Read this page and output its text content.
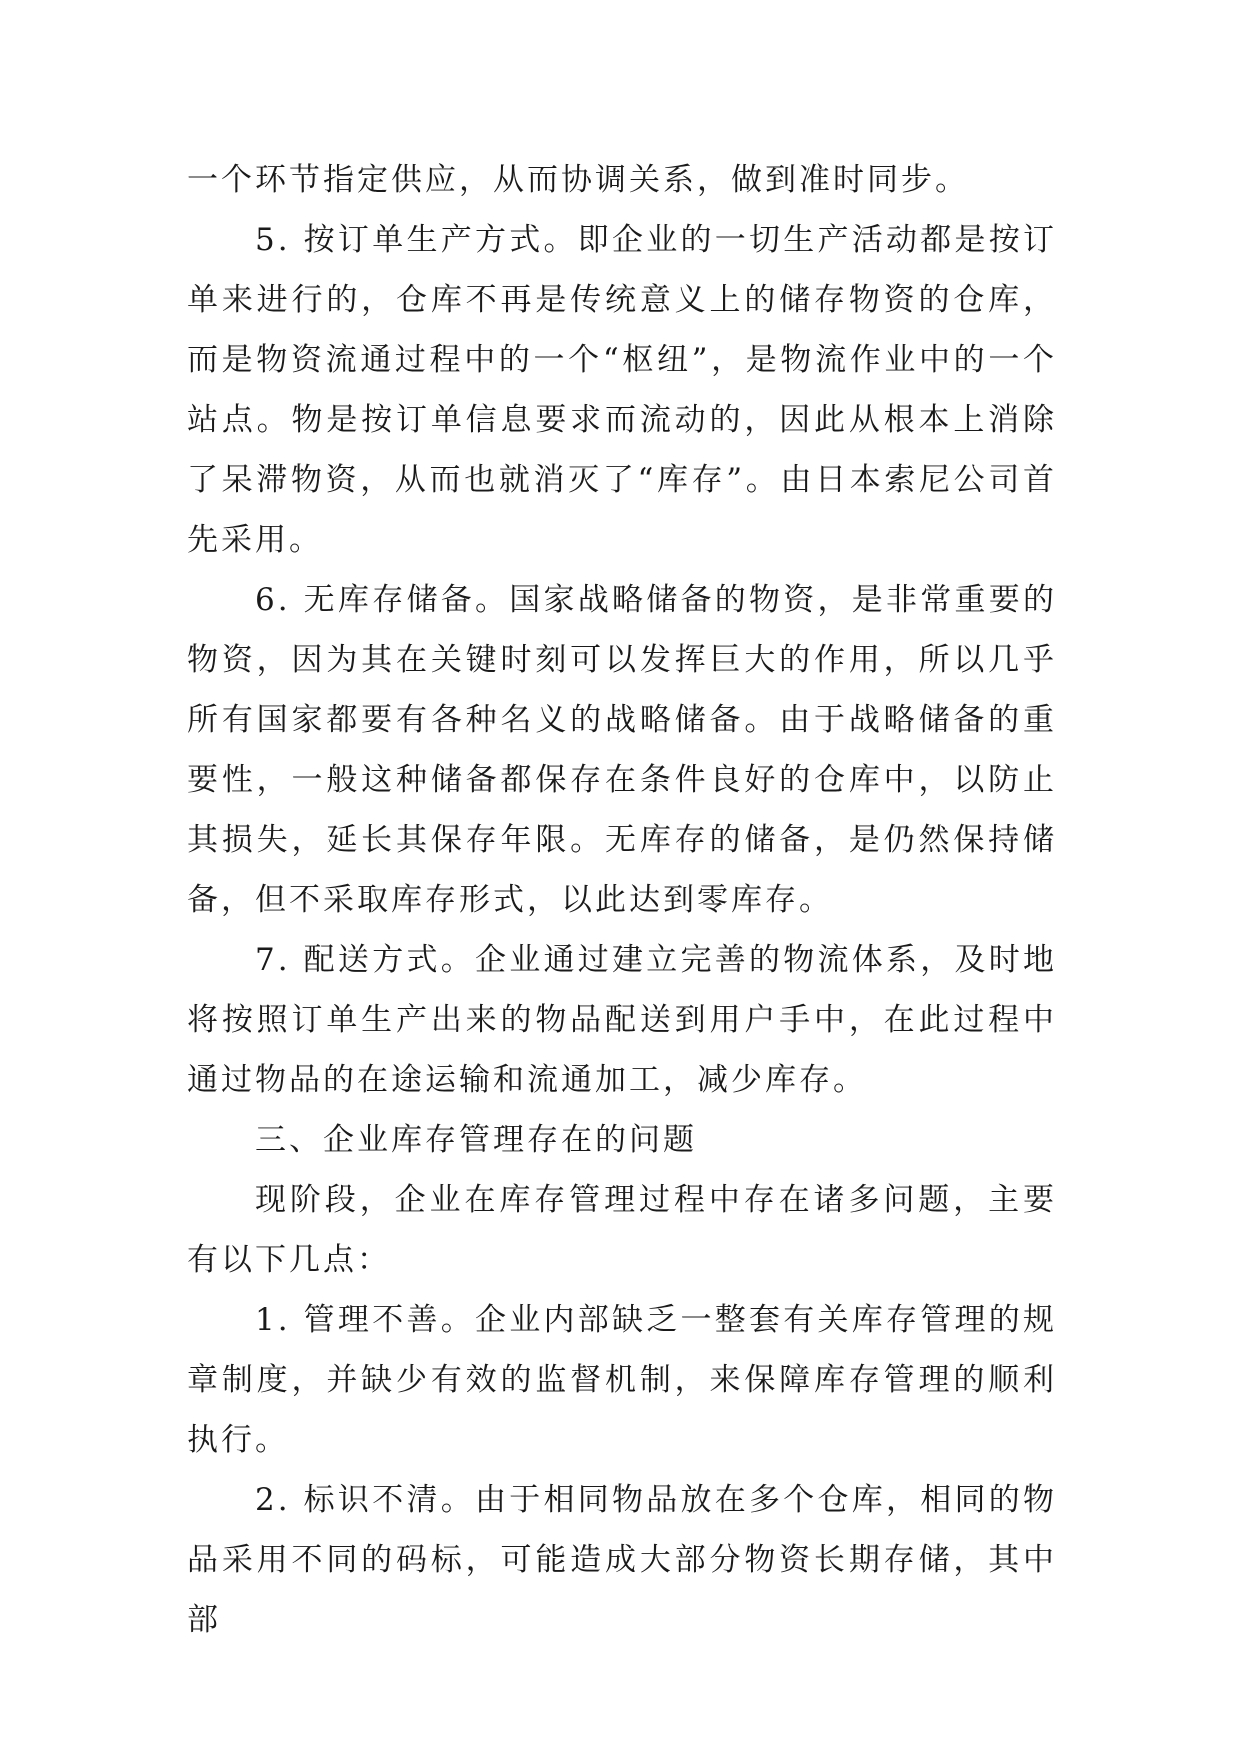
一个环节指定供应，从而协调关系，做到准时同步。

5. 按订单生产方式。即企业的一切生产活动都是按订单来进行的，仓库不再是传统意义上的储存物资的仓库，而是物资流通过程中的一个“枢纽”，是物流作业中的一个站点。物是按订单信息要求而流动的，因此从根本上消除了呆滞物资，从而也就消灭了“库存”。由日本索尼公司首先采用。

6. 无库存储备。国家战略储备的物资，是非常重要的物资，因为其在关键时刻可以发挥巨大的作用，所以几乎所有国家都要有各种名义的战略储备。由于战略储备的重要性，一般这种储备都保存在条件良好的仓库中，以防止其损失，延长其保存年限。无库存的储备，是仍然保持储备，但不采取库存形式，以此达到零库存。

7. 配送方式。企业通过建立完善的物流体系，及时地将按照订单生产出来的物品配送到用户手中，在此过程中通过物品的在途运输和流通加工，减少库存。

三、企业库存管理存在的问题

现阶段，企业在库存管理过程中存在诸多问题，主要有以下几点：

1. 管理不善。企业内部缺乏一整套有关库存管理的规章制度，并缺少有效的监督机制，来保障库存管理的顺利执行。

2. 标识不清。由于相同物品放在多个仓库，相同的物品采用不同的码标，可能造成大部分物资长期存储，其中部
